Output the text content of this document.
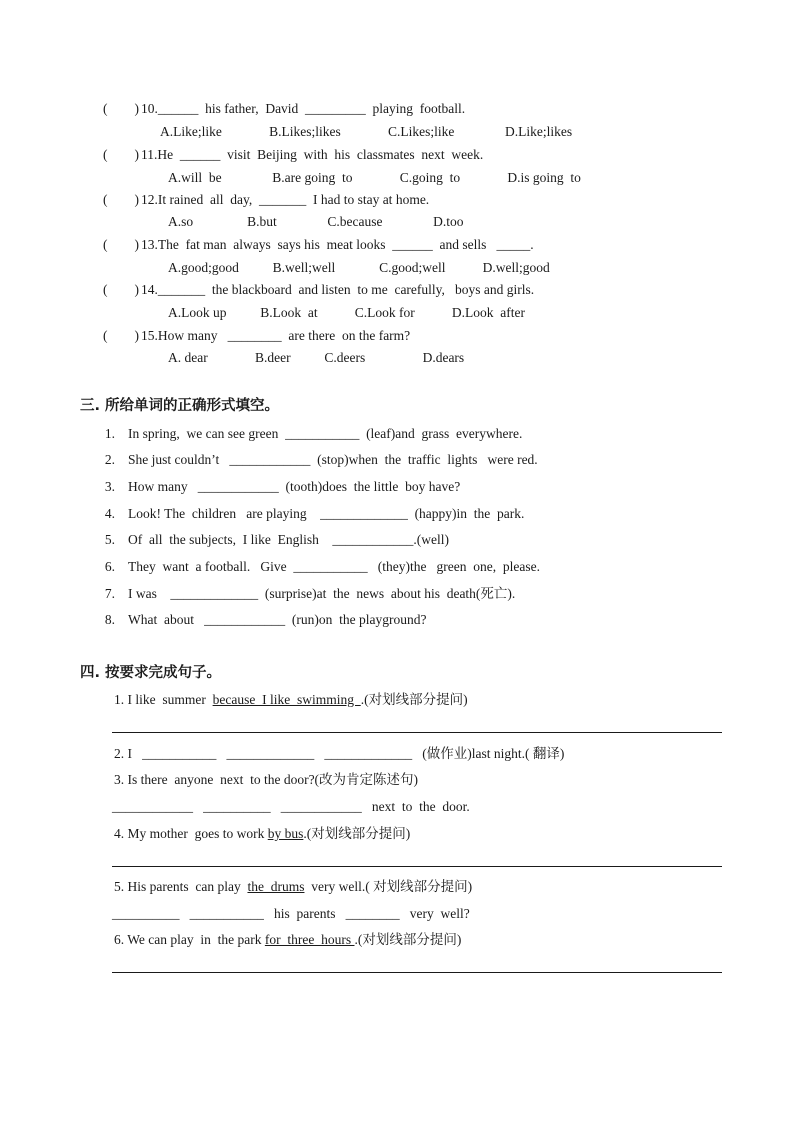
(        ) 10.______  his father,  David  _________  playing  football.
A.Like;like              B.Likes;likes              C.Likes;like               D.Like;likes
(        ) 11.He  ______  visit  Beijing  with  his  classmates  next  week.
A.will  be               B.are going  to              C.going  to              D.is going  to
(        ) 12.It rained  all  day,  _______  I had to stay at home.
A.so                B.but               C.because               D.too
(        ) 13.The  fat man  always  says his  meat looks  ______  and sells   _____.
A.good;good          B.well;well             C.good;well           D.well;good
(        ) 14._______  the blackboard  and listen  to me  carefully,   boys and girls.
A.Look up          B.Look  at           C.Look for           D.Look  after
(        ) 15.How many   ________  are there  on the farm?
A. dear              B.deer          C.deers                 D.dears
三. 所给单词的正确形式填空。
1. In spring,  we can see green  ___________  (leaf)and  grass  everywhere.
2. She just couldn’t   ____________  (stop)when  the  traffic  lights   were red.
3. How many   ____________  (tooth)does  the little  boy have?
4. Look! The  children   are playing    _____________  (happy)in  the  park.
5. Of  all  the subjects,  I like  English    ____________.(well)
6. They  want  a football.   Give  ___________   (they)the   green  one,  please.
7. I was    _____________  (surprise)at  the  news  about his  death(死亡).
8. What  about   ____________  (run)on  the playground?
四. 按要求完成句子。
1. I like  summer  because  I like  swimming  .(对划线部分提问)
2. I   ___________   _____________   _____________   (做作业)last night.( 翻译)
3. Is there  anyone  next  to the door?(改为肯定陈述句)
____________   __________   ____________   next  to  the  door.
4. My mother  goes to work by bus.(对划线部分提问)
5. His parents  can play  the  drums  very well.( 对划线部分提问)
__________   ___________   his  parents   ________   very  well?
6. We can play  in  the park for  three  hours .(对划线部分提问)
